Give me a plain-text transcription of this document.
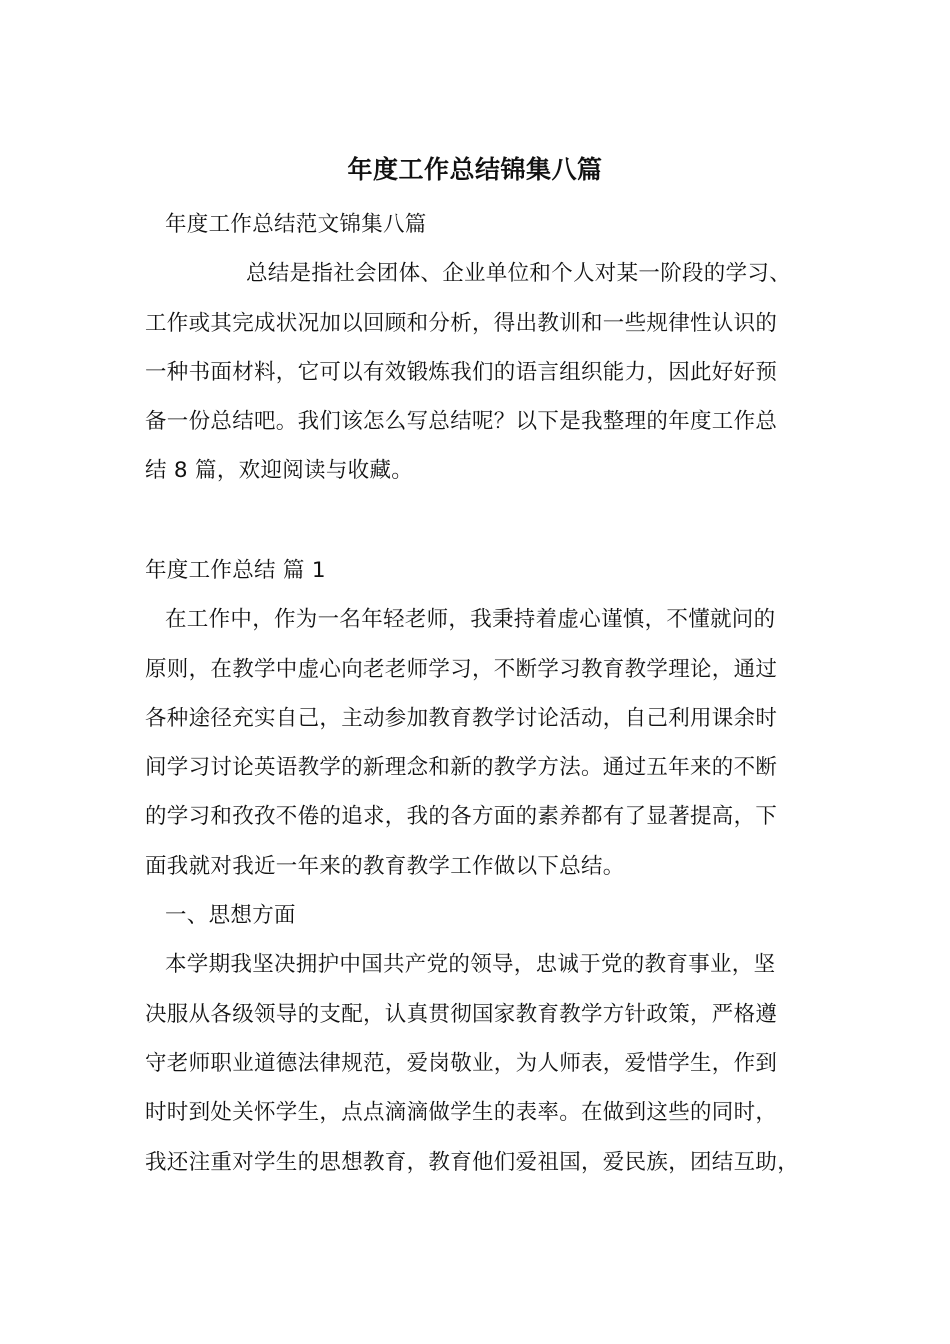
年度工作总结锦集八篇
年度工作总结范文锦集八篇
总结是指社会团体、企业单位和个人对某一阶段的学习、
工作或其完成状况加以回顾和分析，得出教训和一些规律性认识的
一种书面材料，它可以有效锻炼我们的语言组织能力，因此好好预
备一份总结吧。我们该怎么写总结呢？以下是我整理的年度工作总
结 8 篇，欢迎阅读与收藏。
年度工作总结 篇 1
在工作中，作为一名年轻老师，我秉持着虚心谨慎，不懂就问的
原则，在教学中虚心向老老师学习，不断学习教育教学理论，通过
各种途径充实自己，主动参加教育教学讨论活动，自己利用课余时
间学习讨论英语教学的新理念和新的教学方法。通过五年来的不断
的学习和孜孜不倦的追求，我的各方面的素养都有了显著提高，下
面我就对我近一年来的教育教学工作做以下总结。
一、思想方面
本学期我坚决拥护中国共产党的领导，忠诚于党的教育事业，坚
决服从各级领导的支配，认真贯彻国家教育教学方针政策，严格遵
守老师职业道德法律规范，爱岗敬业，为人师表，爱惜学生，作到
时时到处关怀学生，点点滴滴做学生的表率。在做到这些的同时，
我还注重对学生的思想教育，教育他们爱祖国，爱民族，团结互助，
